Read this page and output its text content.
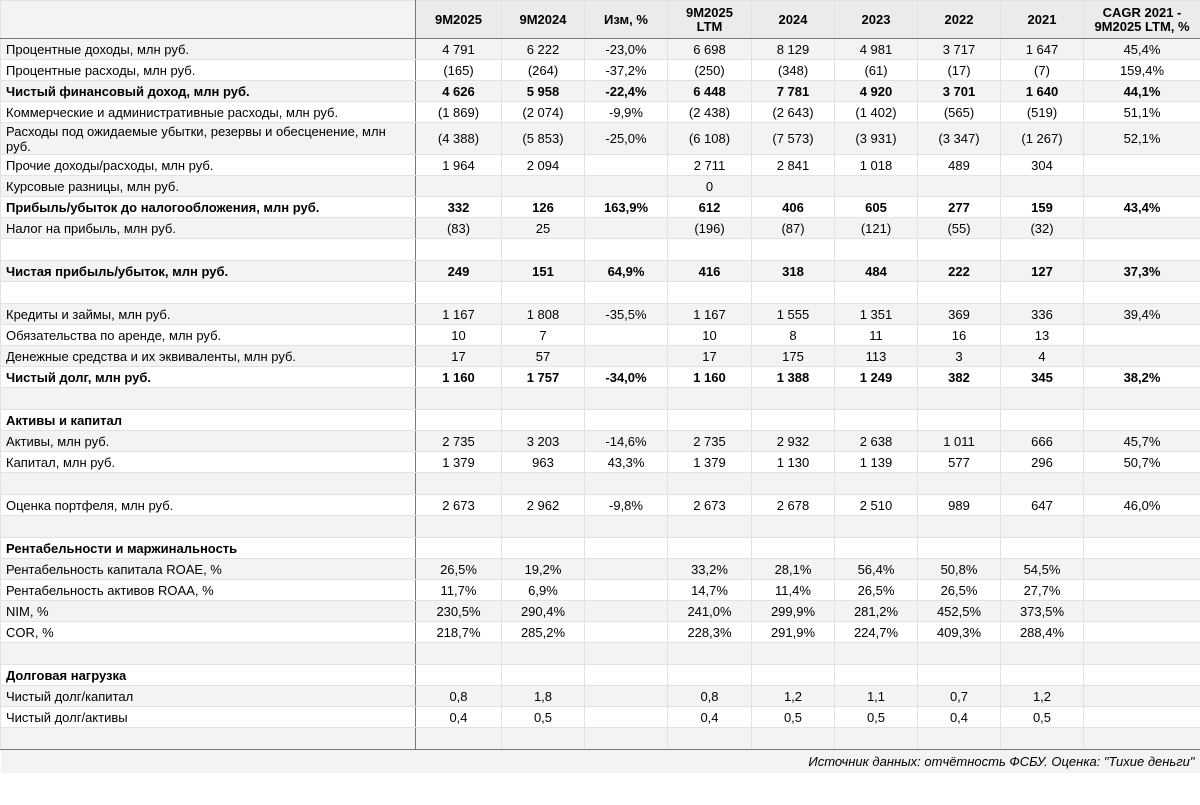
	9M2025	9M2024	Изм, %	9M2025 LTM	2024	2023	2022	2021	CAGR 2021 - 9M2025 LTM, %
Процентные доходы, млн руб.	4 791	6 222	-23,0%	6 698	8 129	4 981	3 717	1 647	45,4%
Процентные расходы, млн руб.	(165)	(264)	-37,2%	(250)	(348)	(61)	(17)	(7)	159,4%
Чистый финансовый доход, млн руб.	4 626	5 958	-22,4%	6 448	7 781	4 920	3 701	1 640	44,1%
Коммерческие и административные расходы, млн руб.	(1 869)	(2 074)	-9,9%	(2 438)	(2 643)	(1 402)	(565)	(519)	51,1%
Расходы под ожидаемые убытки, резервы и обесценение, млн руб.	(4 388)	(5 853)	-25,0%	(6 108)	(7 573)	(3 931)	(3 347)	(1 267)	52,1%
Прочие доходы/расходы, млн руб.	1 964	2 094		2 711	2 841	1 018	489	304	
Курсовые разницы, млн руб.				0					
Прибыль/убыток до налогообложения, млн руб.	332	126	163,9%	612	406	605	277	159	43,4%
Налог на прибыль, млн руб.	(83)	25		(196)	(87)	(121)	(55)	(32)	

Чистая прибыль/убыток, млн руб.	249	151	64,9%	416	318	484	222	127	37,3%

Кредиты и займы, млн руб.	1 167	1 808	-35,5%	1 167	1 555	1 351	369	336	39,4%
Обязательства по аренде, млн руб.	10	7		10	8	11	16	13	
Денежные средства и их эквиваленты, млн руб.	17	57		17	175	113	3	4	
Чистый долг, млн руб.	1 160	1 757	-34,0%	1 160	1 388	1 249	382	345	38,2%

Активы и капитал									
Активы, млн руб.	2 735	3 203	-14,6%	2 735	2 932	2 638	1 011	666	45,7%
Капитал, млн руб.	1 379	963	43,3%	1 379	1 130	1 139	577	296	50,7%

Оценка портфеля, млн руб.	2 673	2 962	-9,8%	2 673	2 678	2 510	989	647	46,0%

Рентабельности и маржинальность									
Рентабельность капитала ROAE, %	26,5%	19,2%		33,2%	28,1%	56,4%	50,8%	54,5%	
Рентабельность активов ROAA, %	11,7%	6,9%		14,7%	11,4%	26,5%	26,5%	27,7%	
NIM, %	230,5%	290,4%		241,0%	299,9%	281,2%	452,5%	373,5%	
COR, %	218,7%	285,2%		228,3%	291,9%	224,7%	409,3%	288,4%	

Долговая нагрузка									
Чистый долг/капитал	0,8	1,8		0,8	1,2	1,1	0,7	1,2	
Чистый долг/активы	0,4	0,5		0,4	0,5	0,5	0,4	0,5	

Источник данных: отчётность ФСБУ. Оценка: "Тихие деньги"									
